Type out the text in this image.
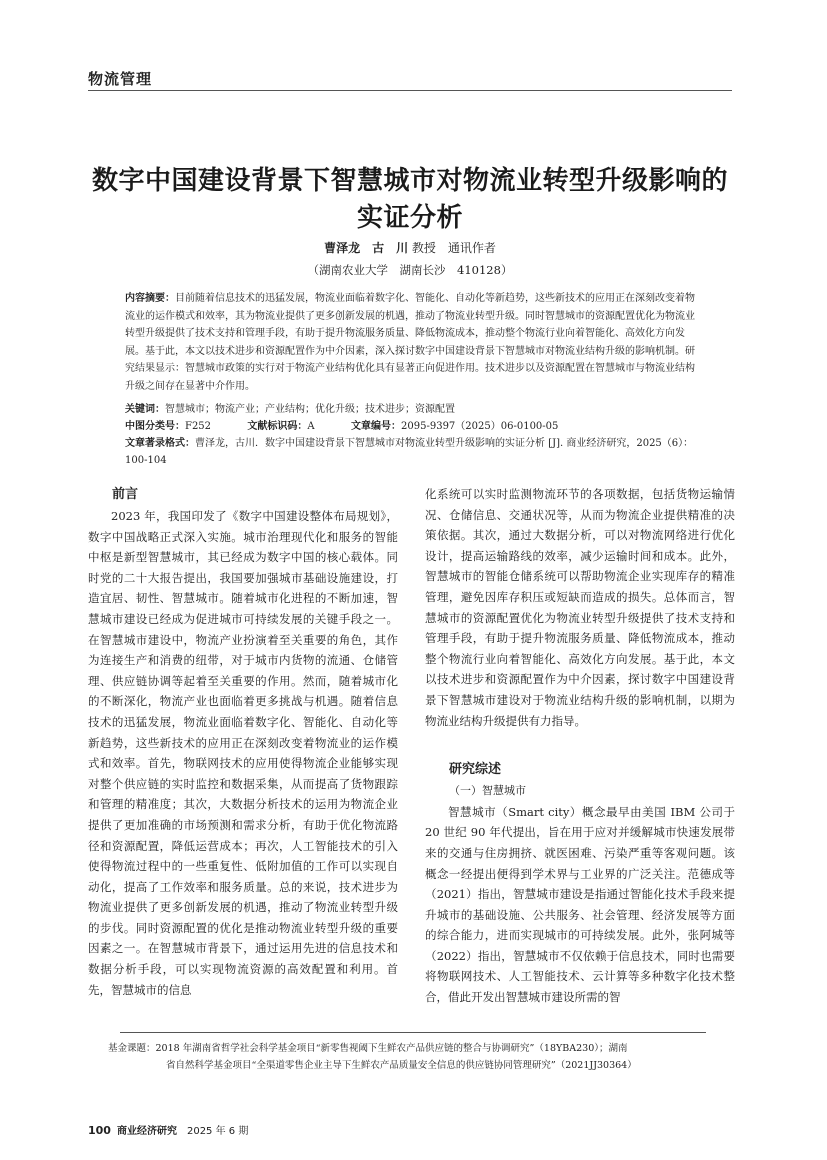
物流管理
数字中国建设背景下智慧城市对物流业转型升级影响的实证分析
曹泽龙　古　川 教授　通讯作者
（湖南农业大学　湖南长沙　410128）
内容摘要：目前随着信息技术的迅猛发展，物流业面临着数字化、智能化、自动化等新趋势，这些新技术的应用正在深刻改变着物流业的运作模式和效率，其为物流业提供了更多创新发展的机遇，推动了物流业转型升级。同时智慧城市的资源配置优化为物流业转型升级提供了技术支持和管理手段，有助于提升物流服务质量、降低物流成本，推动整个物流行业向着智能化、高效化方向发展。基于此，本文以技术进步和资源配置作为中介因素，深入探讨数字中国建设背景下智慧城市对物流业结构升级的影响机制。研究结果显示：智慧城市政策的实行对于物流产业结构优化具有显著正向促进作用。技术进步以及资源配置在智慧城市与物流业结构升级之间存在显著中介作用。
关键词：智慧城市；物流产业；产业结构；优化升级；技术进步；资源配置
中图分类号：F252	文献标识码：A	文章编号：2095-9397（2025）06-0100-05
文章著录格式：曹泽龙，古川．数字中国建设背景下智慧城市对物流业转型升级影响的实证分析 [J]. 商业经济研究，2025（6）：100-104
前言

2023 年，我国印发了《数字中国建设整体布局规划》，数字中国战略正式深入实施。城市治理现代化和服务的智能中枢是新型智慧城市，其已经成为数字中国的核心载体。同时党的二十大报告提出，我国要加强城市基础设施建设，打造宜居、韧性、智慧城市。随着城市化进程的不断加速，智慧城市建设已经成为促进城市可持续发展的关键手段之一。在智慧城市建设中，物流产业扮演着至关重要的角色，其作为连接生产和消费的纽带，对于城市内货物的流通、仓储管理、供应链协调等起着至关重要的作用。然而，随着城市化的不断深化，物流产业也面临着更多挑战与机遇。随着信息技术的迅猛发展，物流业面临着数字化、智能化、自动化等新趋势，这些新技术的应用正在深刻改变着物流业的运作模式和效率。首先，物联网技术的应用使得物流企业能够实现对整个供应链的实时监控和数据采集，从而提高了货物跟踪和管理的精准度；其次，大数据分析技术的运用为物流企业提供了更加准确的市场预测和需求分析，有助于优化物流路径和资源配置，降低运营成本；再次，人工智能技术的引入使得物流过程中的一些重复性、低附加值的工作可以实现自动化，提高了工作效率和服务质量。总的来说，技术进步为物流业提供了更多创新发展的机遇，推动了物流业转型升级的步伐。同时资源配置的优化是推动物流业转型升级的重要因素之一。在智慧城市背景下，通过运用先进的信息技术和数据分析手段，可以实现物流资源的高效配置和利用。首先，智慧城市的信息

化系统可以实时监测物流环节的各项数据，包括货物运输情况、仓储信息、交通状况等，从而为物流企业提供精准的决策依据。其次，通过大数据分析，可以对物流网络进行优化设计，提高运输路线的效率，减少运输时间和成本。此外，智慧城市的智能仓储系统可以帮助物流企业实现库存的精准管理，避免因库存积压或短缺而造成的损失。总体而言，智慧城市的资源配置优化为物流业转型升级提供了技术支持和管理手段，有助于提升物流服务质量、降低物流成本，推动整个物流行业向着智能化、高效化方向发展。基于此，本文以技术进步和资源配置作为中介因素，探讨数字中国建设背景下智慧城市建设对于物流业结构升级的影响机制，以期为物流业结构升级提供有力指导。

研究综述
（一）智慧城市

智慧城市（Smart city）概念最早由美国 IBM 公司于 20 世纪 90 年代提出，旨在用于应对并缓解城市快速发展带来的交通与住房拥挤、就医困难、污染严重等客观问题。该概念一经提出便得到学术界与工业界的广泛关注。范德成等（2021）指出，智慧城市建设是指通过智能化技术手段来提升城市的基础设施、公共服务、社会管理、经济发展等方面的综合能力，进而实现城市的可持续发展。此外，张阿城等（2022）指出，智慧城市不仅依赖于信息技术，同时也需要将物联网技术、人工智能技术、云计算等多种数字化技术整合，借此开发出智慧城市建设所需的智

基金课题：2018 年湖南省哲学社会科学基金项目“新零售视阈下生鲜农产品供应链的整合与协调研究”（18YBA230）；湖南
省自然科学基金项目“全渠道零售企业主导下生鲜农产品质量安全信息的供应链协同管理研究”（2021JJ30364）
100 商业经济研究 2025 年 6 期
